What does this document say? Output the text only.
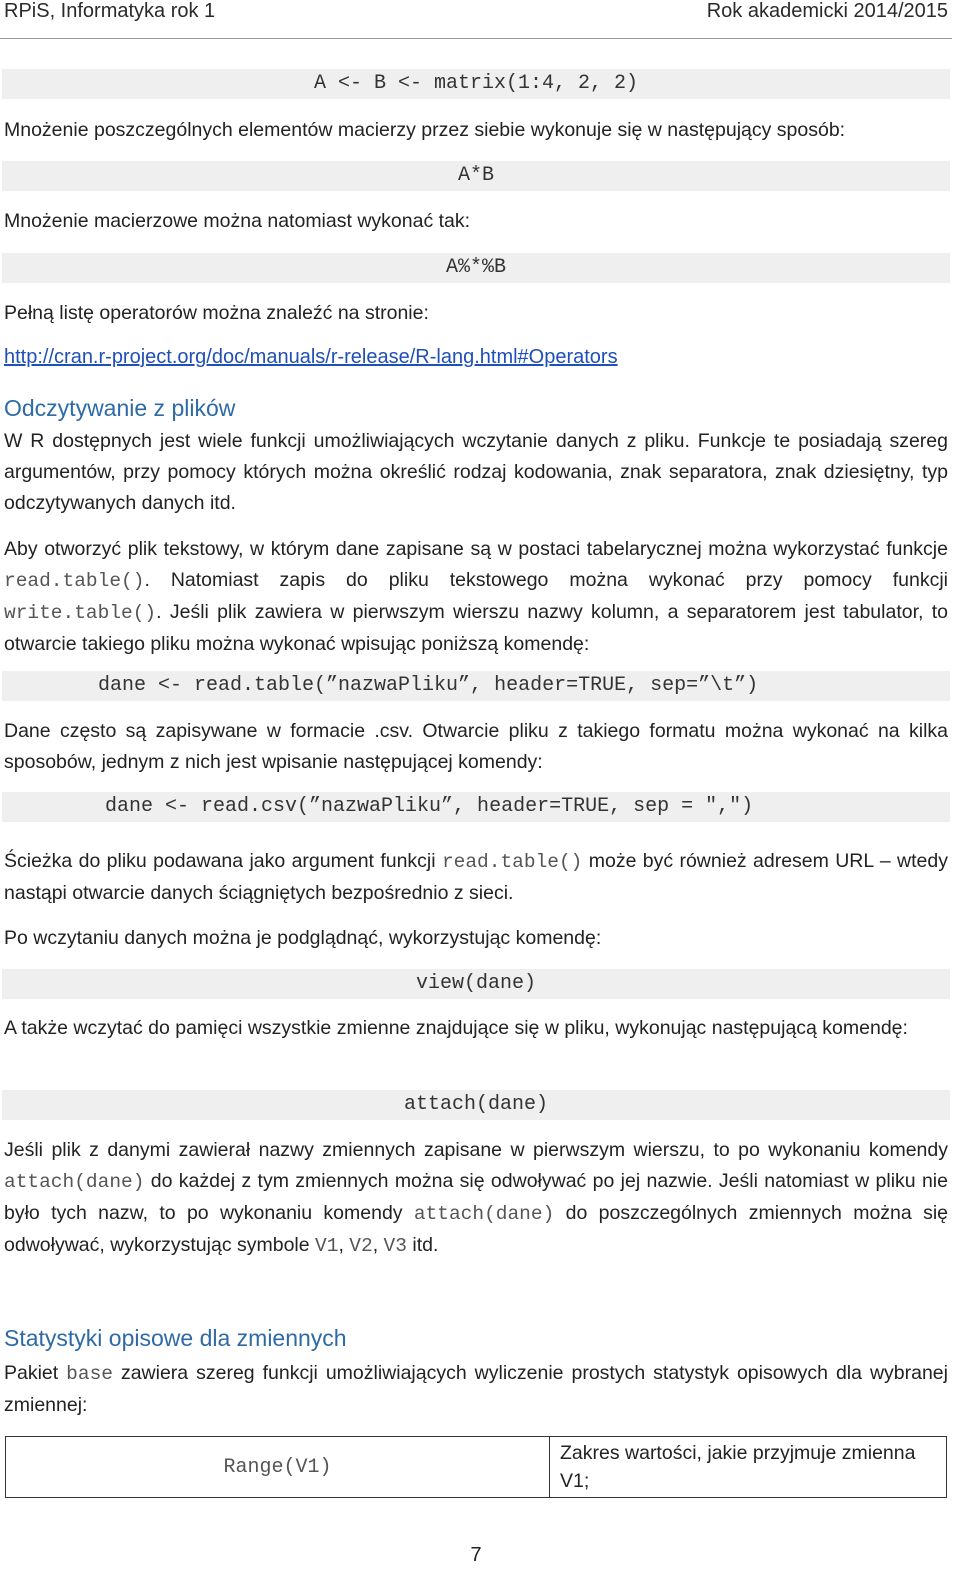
RPiS, Informatyka rok 1	Rok akademicki 2014/2015
A <- B <- matrix(1:4, 2, 2)
Mnożenie poszczególnych elementów macierzy przez siebie wykonuje się w następujący sposób:
A*B
Mnożenie macierzowe można natomiast wykonać tak:
A%*%B
Pełną listę operatorów można znaleźć na stronie:
http://cran.r-project.org/doc/manuals/r-release/R-lang.html#Operators
Odczytywanie z plików
W R dostępnych jest wiele funkcji umożliwiających wczytanie danych z pliku. Funkcje te posiadają szereg argumentów, przy pomocy których można określić rodzaj kodowania, znak separatora, znak dziesiętny, typ odczytywanych danych itd.
Aby otworzyć plik tekstowy, w którym dane zapisane są w postaci tabelarycznej można wykorzystać funkcje read.table(). Natomiast zapis do pliku tekstowego można wykonać przy pomocy funkcji write.table(). Jeśli plik zawiera w pierwszym wierszu nazwy kolumn, a separatorem jest tabulator, to otwarcie takiego pliku można wykonać wpisując poniższą komendę:
dane <- read.table(”nazwaPliku”, header=TRUE, sep=”\t”)
Dane często są zapisywane w formacie .csv. Otwarcie pliku z takiego formatu można wykonać na kilka sposobów, jednym z nich jest wpisanie następującej komendy:
dane <- read.csv(”nazwaPliku”, header=TRUE, sep = ",")
Ścieżka do pliku podawana jako argument funkcji read.table() może być również adresem URL – wtedy nastąpi otwarcie danych ściągniętych bezpośrednio z sieci.
Po wczytaniu danych można je podglądnąć, wykorzystując komendę:
view(dane)
A także wczytać do pamięci wszystkie zmienne znajdujące się w pliku, wykonując następującą komendę:
attach(dane)
Jeśli plik z danymi zawierał nazwy zmiennych zapisane w pierwszym wierszu, to po wykonaniu komendy attach(dane) do każdej z tym zmiennych można się odwoływać po jej nazwie. Jeśli natomiast w pliku nie było tych nazw, to po wykonaniu komendy attach(dane) do poszczególnych zmiennych można się odwoływać, wykorzystując symbole V1, V2, V3 itd.
Statystyki opisowe dla zmiennych
Pakiet base zawiera szereg funkcji umożliwiających wyliczenie prostych statystyk opisowych dla wybranej zmiennej:
Range(V1)	Zakres wartości, jakie przyjmuje zmienna V1;
7
